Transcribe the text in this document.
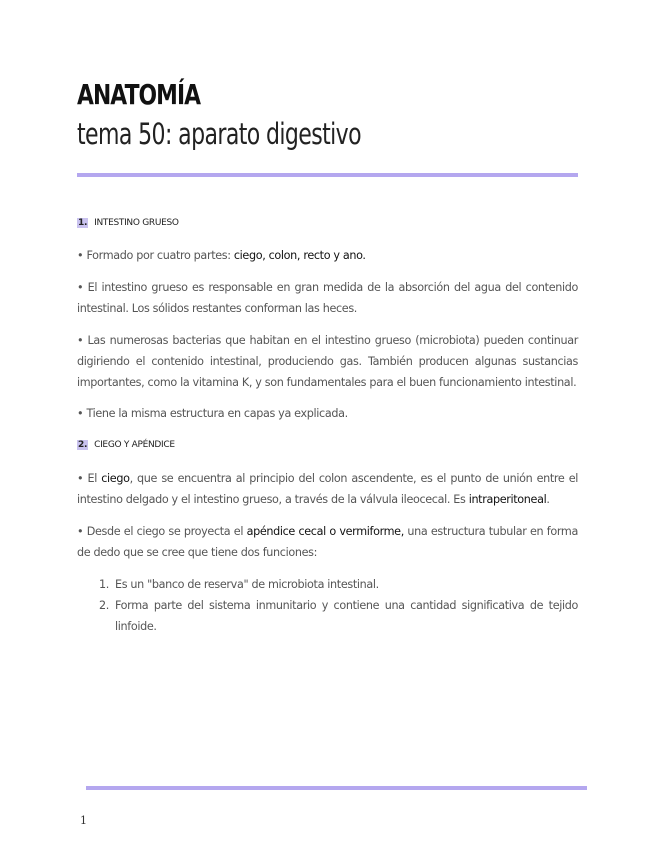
ANATOMÍA
tema 50: aparato digestivo
1. INTESTINO GRUESO
• Formado por cuatro partes: ciego, colon, recto y ano.
• El intestino grueso es responsable en gran medida de la absorción del agua del contenido intestinal. Los sólidos restantes conforman las heces.
• Las numerosas bacterias que habitan en el intestino grueso (microbiota) pueden continuar digiriendo el contenido intestinal, produciendo gas. También producen algunas sustancias importantes, como la vitamina K, y son fundamentales para el buen funcionamiento intestinal.
• Tiene la misma estructura en capas ya explicada.
2. CIEGO Y APÉNDICE
• El ciego, que se encuentra al principio del colon ascendente, es el punto de unión entre el intestino delgado y el intestino grueso, a través de la válvula ileocecal. Es intraperitoneal.
• Desde el ciego se proyecta el apéndice cecal o vermiforme, una estructura tubular en forma de dedo que se cree que tiene dos funciones:
1. Es un "banco de reserva" de microbiota intestinal.
2. Forma parte del sistema inmunitario y contiene una cantidad significativa de tejido linfoide.
1
